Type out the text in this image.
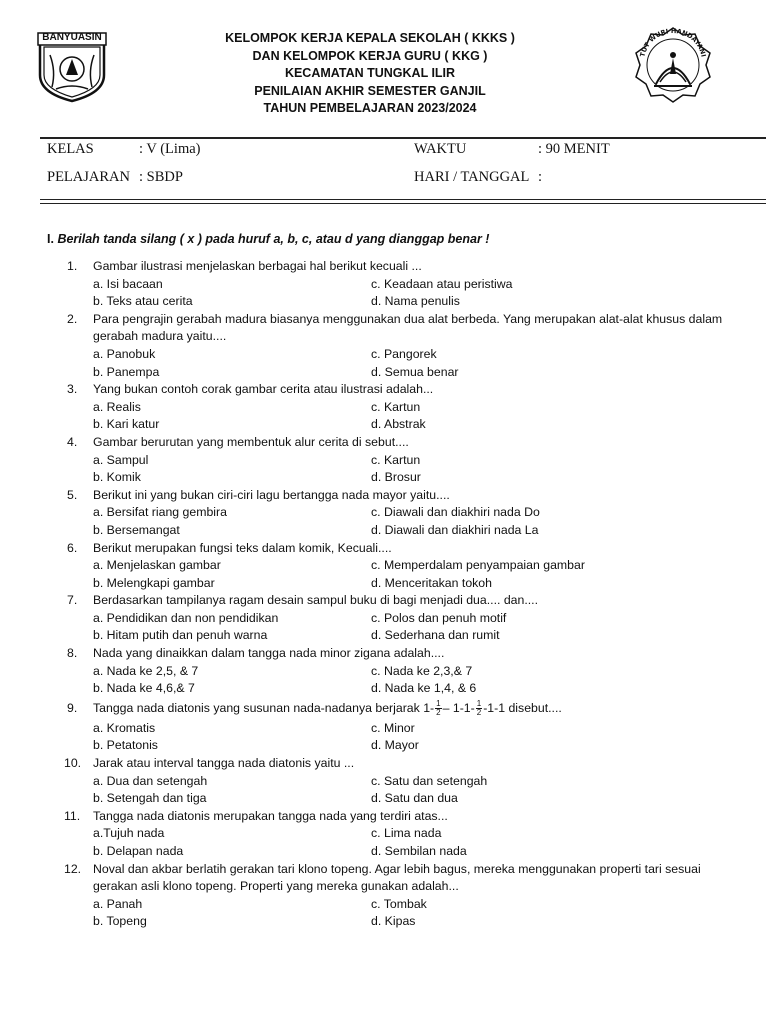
BANYUASIN	KELOMPOK KERJA KEPALA SEKOLAH ( KKKS )
DAN KELOMPOK KERJA GURU ( KKG )
KECAMATAN TUNGKAL ILIR
PENILAIAN AKHIR SEMESTER GANJIL
TAHUN PEMBELAJARAN 2023/2024
TUT WURI HANDAYANI
KELAS	: V (Lima)	WAKTU	: 90 MENIT
PELAJARAN : SBDP	HARI / TANGGAL :
I. Berilah tanda silang ( x ) pada huruf a, b, c, atau d yang dianggap benar !
1. Gambar ilustrasi menjelaskan berbagai hal berikut kecuali ...
a. Isi bacaan	c. Keadaan atau peristiwa
b. Teks atau cerita	d. Nama penulis
2. Para pengrajin gerabah madura biasanya menggunakan dua alat berbeda. Yang merupakan alat-alat khusus dalam gerabah madura yaitu....
a. Panobuk	c. Pangorek
b. Panempa	d. Semua benar
3. Yang bukan contoh corak gambar cerita atau ilustrasi adalah...
a. Realis	c. Kartun
b. Kari katur	d. Abstrak
4. Gambar berurutan yang membentuk alur cerita di sebut....
a. Sampul	c. Kartun
b. Komik	d. Brosur
5. Berikut ini yang bukan ciri-ciri lagu bertangga nada mayor yaitu....
a. Bersifat riang gembira	c. Diawali dan diakhiri nada Do
b. Bersemangat	d. Diawali dan diakhiri nada La
6. Berikut merupakan fungsi teks dalam komik, Kecuali....
a. Menjelaskan gambar	c. Memperdalam penyampaian gambar
b. Melengkapi gambar	d. Menceritakan tokoh
7. Berdasarkan tampilanya ragam desain sampul buku di bagi menjadi dua.... dan....
a. Pendidikan dan non pendidikan	c. Polos dan penuh motif
b. Hitam putih dan penuh warna	d. Sederhana dan rumit
8. Nada yang dinaikkan dalam tangga nada minor zigana adalah....
a. Nada ke 2,5, & 7	c. Nada ke 2,3,& 7
b. Nada ke 4,6,& 7	d. Nada ke 1,4, & 6
9. Tangga nada diatonis yang susunan nada-nadanya berjarak $1- \frac{1}{2} - 1-1- \frac{1}{2} -1-1$ disebut....
a. Kromatis	c. Minor
b. Petatonis	d. Mayor
10. Jarak atau interval tangga nada diatonis yaitu ...
a. Dua dan setengah	c. Satu dan setengah
b. Setengah dan tiga	d. Satu dan dua
11. Tangga nada diatonis merupakan tangga nada yang terdiri atas...
a.Tujuh nada	c. Lima nada
b. Delapan nada	d. Sembilan nada
12. Noval dan akbar berlatih gerakan tari klono topeng. Agar lebih bagus, mereka menggunakan properti tari sesuai gerakan asli klono topeng. Properti yang mereka gunakan adalah...
a. Panah	c. Tombak
b. Topeng	d. Kipas
